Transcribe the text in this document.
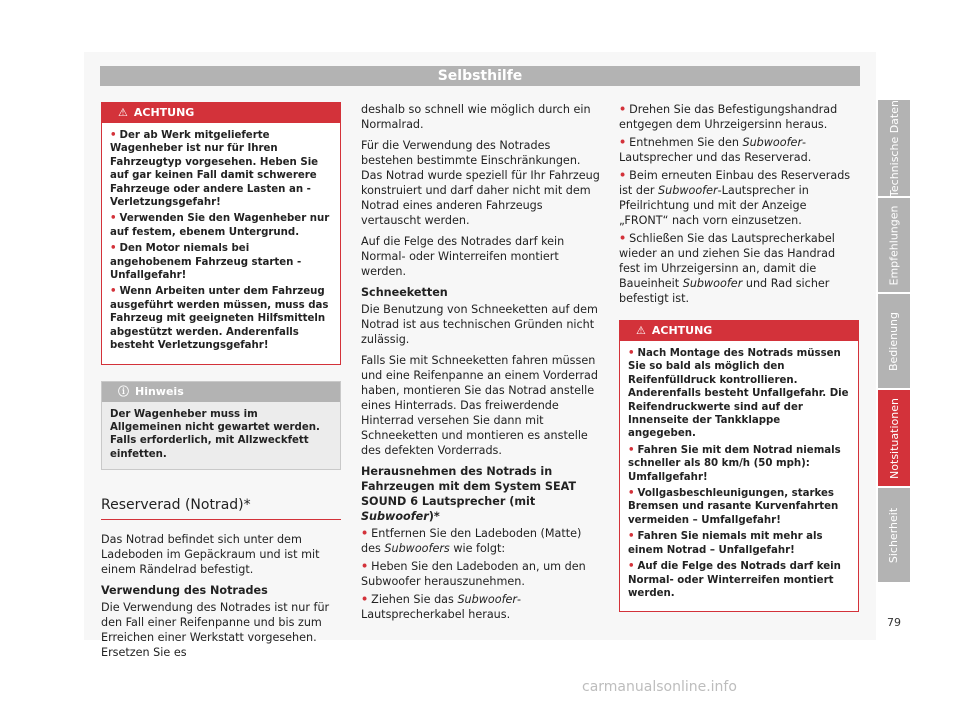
Selbsthilfe
⚠ ACHTUNG
• Der ab Werk mitgelieferte Wagenheber ist nur für Ihren Fahrzeugtyp vorgesehen. Heben Sie auf gar keinen Fall damit schwerere Fahrzeuge oder andere Lasten an - Verletzungsgefahr!
• Verwenden Sie den Wagenheber nur auf festem, ebenem Untergrund.
• Den Motor niemals bei angehobenem Fahrzeug starten - Unfallgefahr!
• Wenn Arbeiten unter dem Fahrzeug ausgeführt werden müssen, muss das Fahrzeug mit geeigneten Hilfsmitteln abgestützt werden. Anderenfalls besteht Verletzungsgefahr!
ⓘ Hinweis
Der Wagenheber muss im Allgemeinen nicht gewartet werden. Falls erforderlich, mit Allzweckfett einfetten.
Reserverad (Notrad)*

Das Notrad befindet sich unter dem Ladeboden im Gepäckraum und ist mit einem Rändelrad befestigt.

Verwendung des Notrades

Die Verwendung des Notrades ist nur für den Fall einer Reifenpanne und bis zum Erreichen einer Werkstatt vorgesehen. Ersetzen Sie es

deshalb so schnell wie möglich durch ein Normalrad.

Für die Verwendung des Notrades bestehen bestimmte Einschränkungen. Das Notrad wurde speziell für Ihr Fahrzeug konstruiert und darf daher nicht mit dem Notrad eines anderen Fahrzeugs vertauscht werden.

Auf die Felge des Notrades darf kein Normal- oder Winterreifen montiert werden.

Schneeketten

Die Benutzung von Schneeketten auf dem Notrad ist aus technischen Gründen nicht zulässig.

Falls Sie mit Schneeketten fahren müssen und eine Reifenpanne an einem Vorderrad haben, montieren Sie das Notrad anstelle eines Hinterrads. Das freiwerdende Hinterrad versehen Sie dann mit Schneeketten und montieren es anstelle des defekten Vorderrads.

Herausnehmen des Notrads in Fahrzeugen mit dem System SEAT SOUND 6 Lautsprecher (mit Subwoofer)*

• Entfernen Sie den Ladeboden (Matte) des Subwoofers wie folgt:
• Heben Sie den Ladeboden an, um den Subwoofer herauszunehmen.
• Ziehen Sie das Subwoofer-Lautsprecherkabel heraus.
• Drehen Sie das Befestigungshandrad entgegen dem Uhrzeigersinn heraus.
• Entnehmen Sie den Subwoofer-Lautsprecher und das Reserverad.
• Beim erneuten Einbau des Reserverads ist der Subwoofer-Lautsprecher in Pfeilrichtung und mit der Anzeige „FRONT“ nach vorn einzusetzen.
• Schließen Sie das Lautsprecherkabel wieder an und ziehen Sie das Handrad fest im Uhrzeigersinn an, damit die Baueinheit Subwoofer und Rad sicher befestigt ist.
⚠ ACHTUNG
• Nach Montage des Notrads müssen Sie so bald als möglich den Reifenfülldruck kontrollieren. Anderenfalls besteht Unfallgefahr. Die Reifendruckwerte sind auf der Innenseite der Tankklappe angegeben.
• Fahren Sie mit dem Notrad niemals schneller als 80 km/h (50 mph): Umfallgefahr!
• Vollgasbeschleunigungen, starkes Bremsen und rasante Kurvenfahrten vermeiden – Umfallgefahr!
• Fahren Sie niemals mit mehr als einem Notrad – Unfallgefahr!
• Auf die Felge des Notrads darf kein Normal- oder Winterreifen montiert werden.
Technische Daten
Empfehlungen
Bedienung
Notsituationen
Sicherheit
79
carmanualsonline.info
